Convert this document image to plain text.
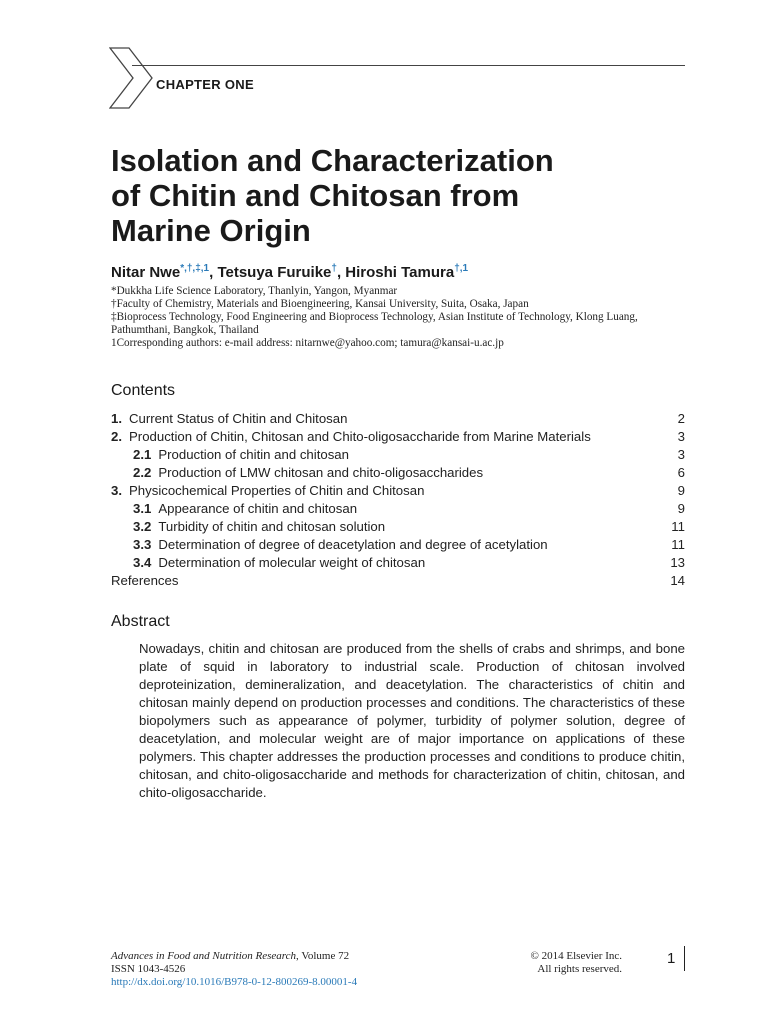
CHAPTER ONE
Isolation and Characterization
of Chitin and Chitosan from
Marine Origin
Nitar Nwe$^{*,\dagger,\ddagger,1}$, Tetsuya Furuike†, Hiroshi Tamura$^{\dagger,1}$
*Dukkha Life Science Laboratory, Thanlyin, Yangon, Myanmar
†Faculty of Chemistry, Materials and Bioengineering, Kansai University, Suita, Osaka, Japan
‡Bioprocess Technology, Food Engineering and Bioprocess Technology, Asian Institute of Technology, Klong Luang, Pathumthani, Bangkok, Thailand
1Corresponding authors: e-mail address: nitarnwe@yahoo.com; tamura@kansai-u.ac.jp
Contents
1. Current Status of Chitin and Chitosan	2
2. Production of Chitin, Chitosan and Chito-oligosaccharide from Marine Materials	3
2.1 Production of chitin and chitosan	3
2.2 Production of LMW chitosan and chito-oligosaccharides	6
3. Physicochemical Properties of Chitin and Chitosan	9
3.1 Appearance of chitin and chitosan	9
3.2 Turbidity of chitin and chitosan solution	11
3.3 Determination of degree of deacetylation and degree of acetylation	11
3.4 Determination of molecular weight of chitosan	13
References	14
Abstract

Nowadays, chitin and chitosan are produced from the shells of crabs and shrimps, and bone plate of squid in laboratory to industrial scale. Production of chitosan involved deproteinization, demineralization, and deacetylation. The characteristics of chitin and chitosan mainly depend on production processes and conditions. The characteristics of these biopolymers such as appearance of polymer, turbidity of polymer solution, degree of deacetylation, and molecular weight are of major importance on applications of these polymers. This chapter addresses the production processes and conditions to produce chitin, chitosan, and chito-oligosaccharide and methods for characterization of chitin, chitosan, and chito-oligosaccharide.

Advances in Food and Nutrition Research, Volume 72
ISSN 1043-4526
http://dx.doi.org/10.1016/B978-0-12-800269-8.00001-4
© 2014 Elsevier Inc.
All rights reserved.
1
